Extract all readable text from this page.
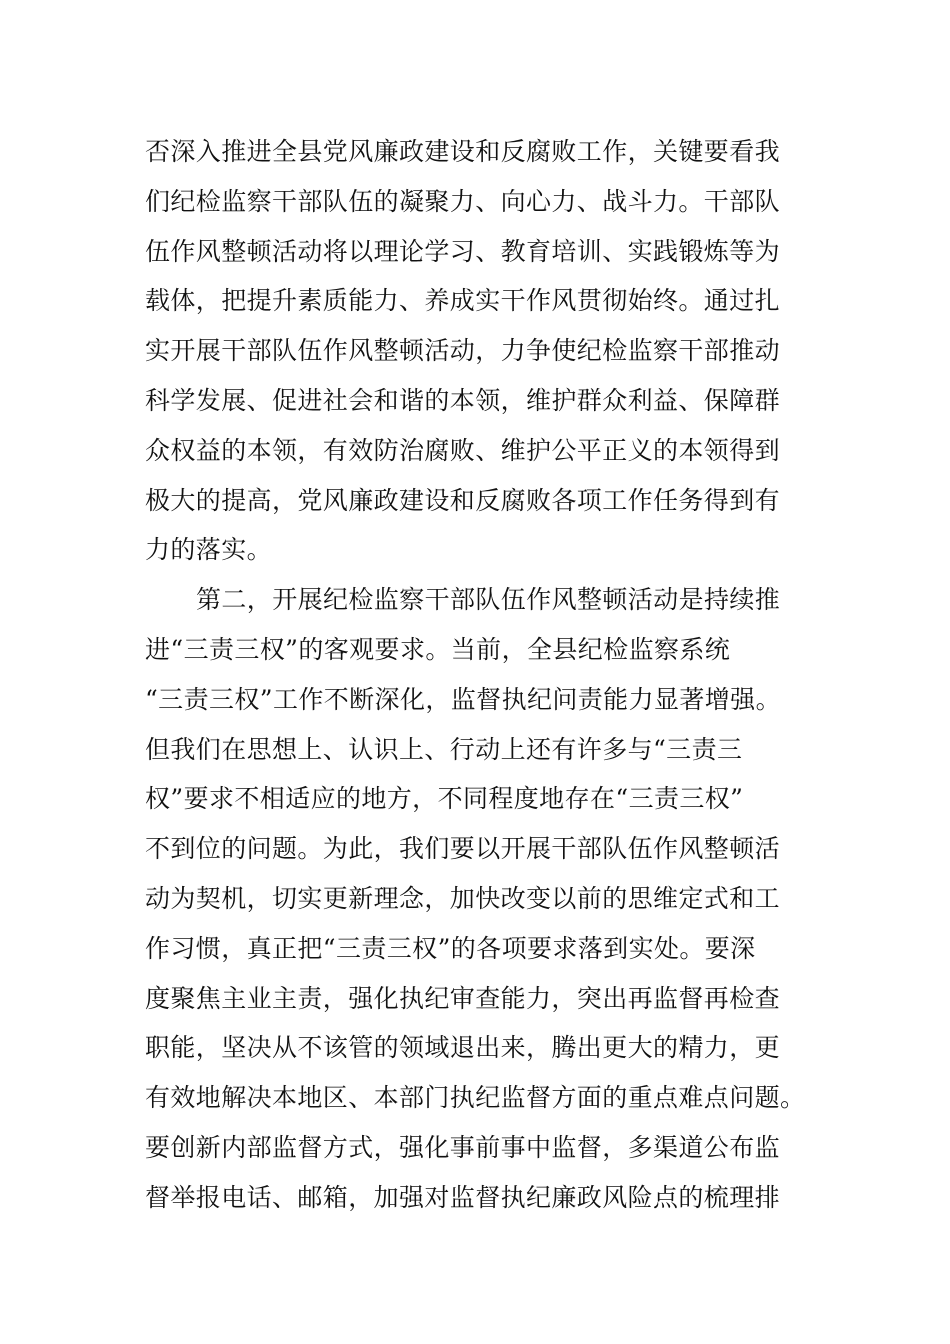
否深入推进全县党风廉政建设和反腐败工作，关键要看我
们纪检监察干部队伍的凝聚力、向心力、战斗力。干部队
伍作风整顿活动将以理论学习、教育培训、实践锻炼等为
载体，把提升素质能力、养成实干作风贯彻始终。通过扎
实开展干部队伍作风整顿活动，力争使纪检监察干部推动
科学发展、促进社会和谐的本领，维护群众利益、保障群
众权益的本领，有效防治腐败、维护公平正义的本领得到
极大的提高，党风廉政建设和反腐败各项工作任务得到有
力的落实。
第二，开展纪检监察干部队伍作风整顿活动是持续推
进“三责三权”的客观要求。当前，全县纪检监察系统
“三责三权”工作不断深化，监督执纪问责能力显著增强。
但我们在思想上、认识上、行动上还有许多与“三责三
权”要求不相适应的地方，不同程度地存在“三责三权”
不到位的问题。为此，我们要以开展干部队伍作风整顿活
动为契机，切实更新理念，加快改变以前的思维定式和工
作习惯，真正把“三责三权”的各项要求落到实处。要深
度聚焦主业主责，强化执纪审查能力，突出再监督再检查
职能，坚决从不该管的领域退出来，腾出更大的精力，更
有效地解决本地区、本部门执纪监督方面的重点难点问题。
要创新内部监督方式，强化事前事中监督，多渠道公布监
督举报电话、邮箱，加强对监督执纪廉政风险点的梳理排
